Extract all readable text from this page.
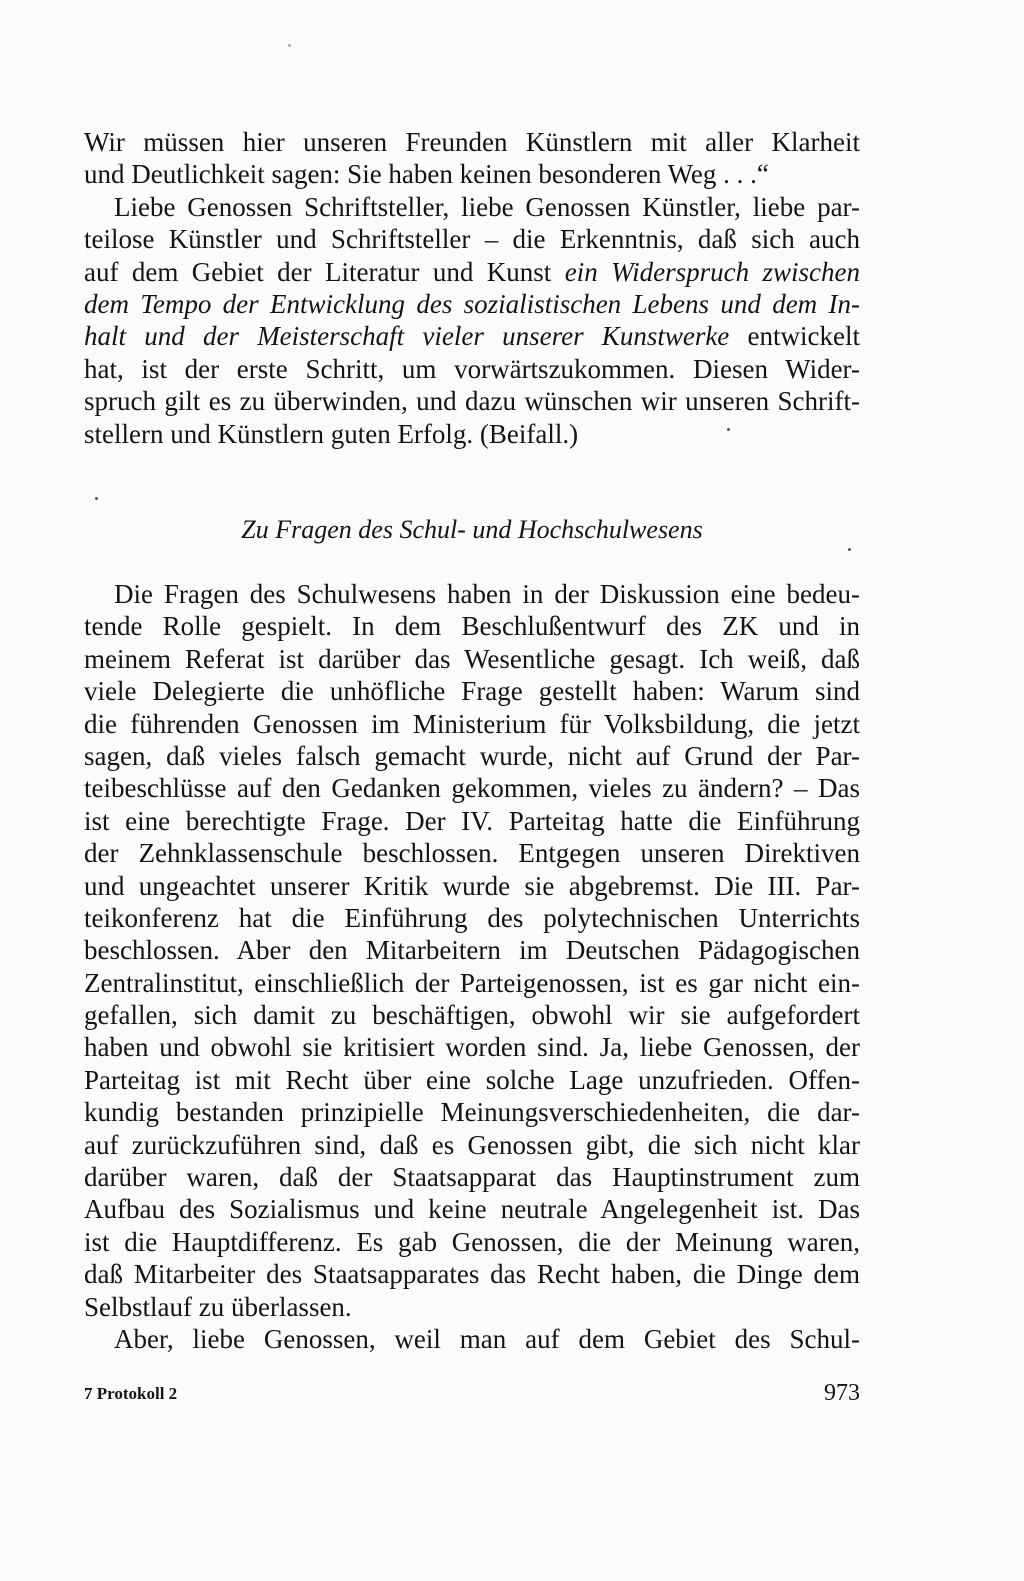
Wir müssen hier unseren Freunden Künstlern mit aller Klarheit
und Deutlichkeit sagen: Sie haben keinen besonderen Weg . . .“
Liebe Genossen Schriftsteller, liebe Genossen Künstler, liebe par-
teilose Künstler und Schriftsteller – die Erkenntnis, daß sich auch
auf dem Gebiet der Literatur und Kunst ein Widerspruch zwischen
dem Tempo der Entwicklung des sozialistischen Lebens und dem In-
halt und der Meisterschaft vieler unserer Kunstwerke entwickelt
hat, ist der erste Schritt, um vorwärtszukommen. Diesen Wider-
spruch gilt es zu überwinden, und dazu wünschen wir unseren Schrift-
stellern und Künstlern guten Erfolg. (Beifall.)
Zu Fragen des Schul- und Hochschulwesens
Die Fragen des Schulwesens haben in der Diskussion eine bedeu-
tende Rolle gespielt. In dem Beschlußentwurf des ZK und in
meinem Referat ist darüber das Wesentliche gesagt. Ich weiß, daß
viele Delegierte die unhöfliche Frage gestellt haben: Warum sind
die führenden Genossen im Ministerium für Volksbildung, die jetzt
sagen, daß vieles falsch gemacht wurde, nicht auf Grund der Par-
teibeschlüsse auf den Gedanken gekommen, vieles zu ändern? – Das
ist eine berechtigte Frage. Der IV. Parteitag hatte die Einführung
der Zehnklassenschule beschlossen. Entgegen unseren Direktiven
und ungeachtet unserer Kritik wurde sie abgebremst. Die III. Par-
teikonferenz hat die Einführung des polytechnischen Unterrichts
beschlossen. Aber den Mitarbeitern im Deutschen Pädagogischen
Zentralinstitut, einschließlich der Parteigenossen, ist es gar nicht ein-
gefallen, sich damit zu beschäftigen, obwohl wir sie aufgefordert
haben und obwohl sie kritisiert worden sind. Ja, liebe Genossen, der
Parteitag ist mit Recht über eine solche Lage unzufrieden. Offen-
kundig bestanden prinzipielle Meinungsverschiedenheiten, die dar-
auf zurückzuführen sind, daß es Genossen gibt, die sich nicht klar
darüber waren, daß der Staatsapparat das Hauptinstrument zum
Aufbau des Sozialismus und keine neutrale Angelegenheit ist. Das
ist die Hauptdifferenz. Es gab Genossen, die der Meinung waren,
daß Mitarbeiter des Staatsapparates das Recht haben, die Dinge dem
Selbstlauf zu überlassen.
Aber, liebe Genossen, weil man auf dem Gebiet des Schul-
7 Protokoll 2	973
